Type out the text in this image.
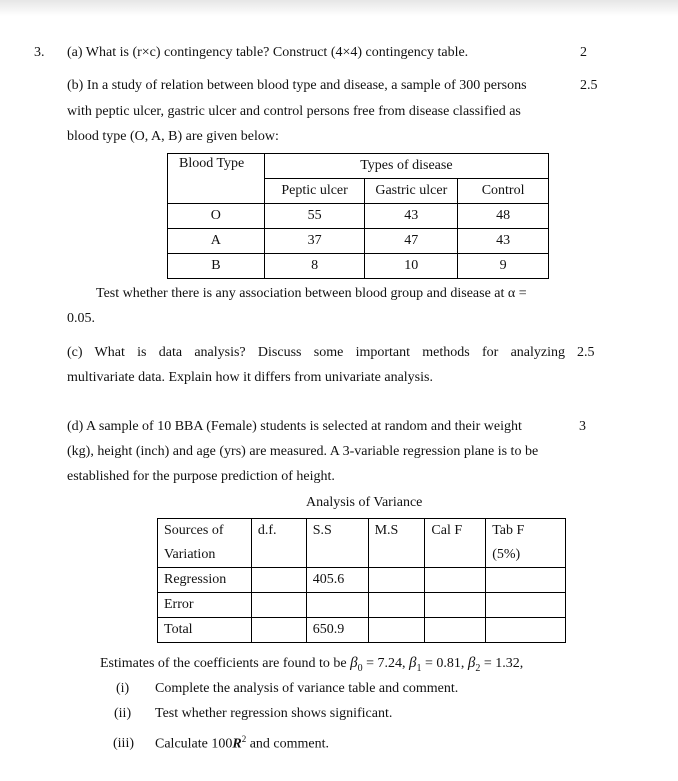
3. (a) What is (r×c) contingency table? Construct (4×4) contingency table.	2
(b) In a study of relation between blood type and disease, a sample of 300 persons	2.5
with peptic ulcer, gastric ulcer and control persons free from disease classified as
blood type (O, A, B) are given below:
Blood Type	Types of disease		
	Peptic ulcer	Gastric ulcer	Control
O	55	43	48
A	37	47	43
B	8	10	9
Test whether there is any association between blood group and disease at α =
0.05.
(c) What is data analysis? Discuss some important methods for analyzing 2.5
multivariate data. Explain how it differs from univariate analysis.
(d) A sample of 10 BBA (Female) students is selected at random and their weight	3
(kg), height (inch) and age (yrs) are measured. A 3-variable regression plane is to be
established for the purpose prediction of height.
Analysis of Variance
Sources of	d.f.	S.S	M.S	Cal F	Tab F
Variation					(5%)
Regression		405.6			
Error					
Total		650.9			
Estimates of the coefficients are found to be $\beta_0 = 7.24$, $\beta_1 = 0.81$, $\beta_2 = 1.32$,
(i) Complete the analysis of variance table and comment.
(ii) Test whether regression shows significant.
(iii) Calculate $100R^2$ and comment.
